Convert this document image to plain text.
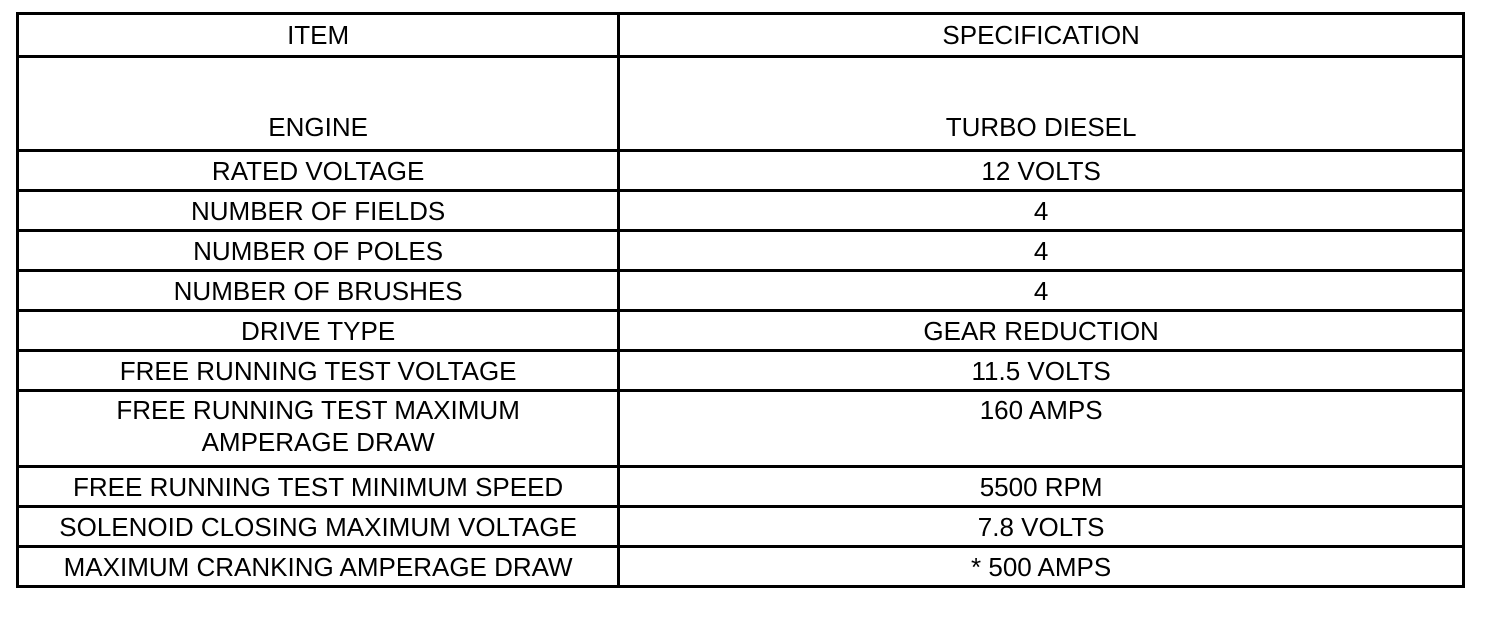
ITEM	SPECIFICATION

ENGINE	TURBO DIESEL

RATED VOLTAGE	12 VOLTS

NUMBER OF FIELDS	4

NUMBER OF POLES	4

NUMBER OF BRUSHES	4

DRIVE TYPE	GEAR REDUCTION

FREE RUNNING TEST VOLTAGE	11.5 VOLTS

FREE RUNNING TEST MAXIMUM
AMPERAGE DRAW	160 AMPS

FREE RUNNING TEST MINIMUM SPEED	5500 RPM

SOLENOID CLOSING MAXIMUM VOLTAGE	7.8 VOLTS

MAXIMUM CRANKING AMPERAGE DRAW	* 500 AMPS
